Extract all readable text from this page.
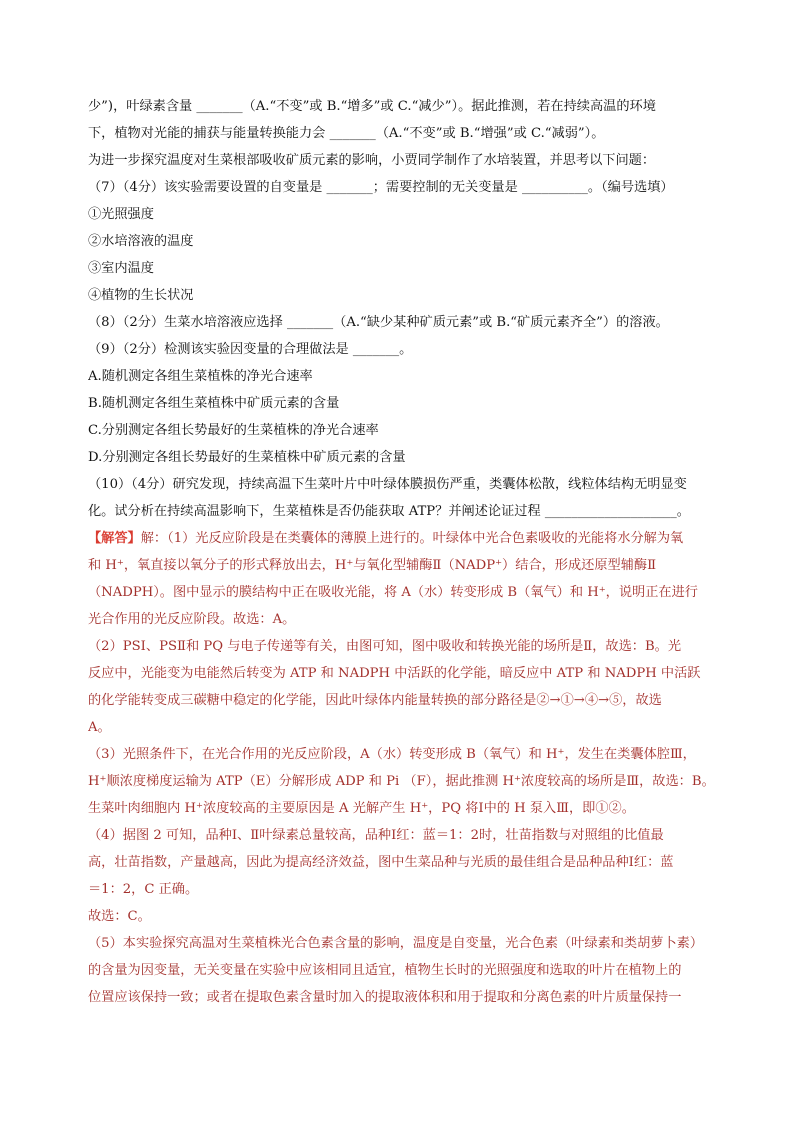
少”)，叶绿素含量 _______（A.“不变”或 B.“增多”或 C.“减少”）。据此推测，若在持续高温的环境
下，植物对光能的捕获与能量转换能力会 _______（A.“不变”或 B.“增强”或 C.“减弱”）。
为进一步探究温度对生菜根部吸收矿质元素的影响，小贾同学制作了水培装置，并思考以下问题：
（7）（4分）该实验需要设置的自变量是 _______；需要控制的无关变量是 __________。（编号选填）
①光照强度
②水培溶液的温度
③室内温度
④植物的生长状况
（8）（2分）生菜水培溶液应选择 _______（A.“缺少某种矿质元素”或 B.“矿质元素齐全”）的溶液。
（9）（2分）检测该实验因变量的合理做法是 _______。
A.随机测定各组生菜植株的净光合速率
B.随机测定各组生菜植株中矿质元素的含量
C.分别测定各组长势最好的生菜植株的净光合速率
D.分别测定各组长势最好的生菜植株中矿质元素的含量
（10）（4分）研究发现，持续高温下生菜叶片中叶绿体膜损伤严重，类囊体松散，线粒体结构无明显变
化。试分析在持续高温影响下，生菜植株是否仍能获取 ATP？并阐述论证过程 ____________________。
【解答】解：（1）光反应阶段是在类囊体的薄膜上进行的。叶绿体中光合色素吸收的光能将水分解为氧
和 H⁺，氧直接以氧分子的形式释放出去，H⁺与氧化型辅酶Ⅱ（NADP⁺）结合，形成还原型辅酶Ⅱ
（NADPH）。图中显示的膜结构中正在吸收光能，将 A（水）转变形成 B（氧气）和 H⁺，说明正在进行
光合作用的光反应阶段。故选：A。
（2）PSⅠ、PSⅡ和 PQ 与电子传递等有关，由图可知，图中吸收和转换光能的场所是Ⅱ，故选：B。光
反应中，光能变为电能然后转变为 ATP 和 NADPH 中活跃的化学能，暗反应中 ATP 和 NADPH 中活跃
的化学能转变成三碳糖中稳定的化学能，因此叶绿体内能量转换的部分路径是②→①→④→⑤，故选
A。
（3）光照条件下，在光合作用的光反应阶段，A（水）转变形成 B（氧气）和 H⁺，发生在类囊体腔Ⅲ，
H⁺顺浓度梯度运输为 ATP（E）分解形成 ADP 和 Pi （F），据此推测 H⁺浓度较高的场所是Ⅲ，故选：B。
生菜叶肉细胞内 H⁺浓度较高的主要原因是 A 光解产生 H⁺，PQ 将Ⅰ中的 H 泵入Ⅲ，即①②。
（4）据图 2 可知，品种Ⅰ、Ⅱ叶绿素总量较高，品种Ⅰ红：蓝＝1：2时，壮苗指数与对照组的比值最
高，壮苗指数，产量越高，因此为提高经济效益，图中生菜品种与光质的最佳组合是品种品种Ⅰ红：蓝
＝1：2，C 正确。
故选：C。
（5）本实验探究高温对生菜植株光合色素含量的影响，温度是自变量，光合色素（叶绿素和类胡萝卜素）
的含量为因变量，无关变量在实验中应该相同且适宜，植物生长时的光照强度和选取的叶片在植物上的
位置应该保持一致；或者在提取色素含量时加入的提取液体积和用于提取和分离色素的叶片质量保持一
